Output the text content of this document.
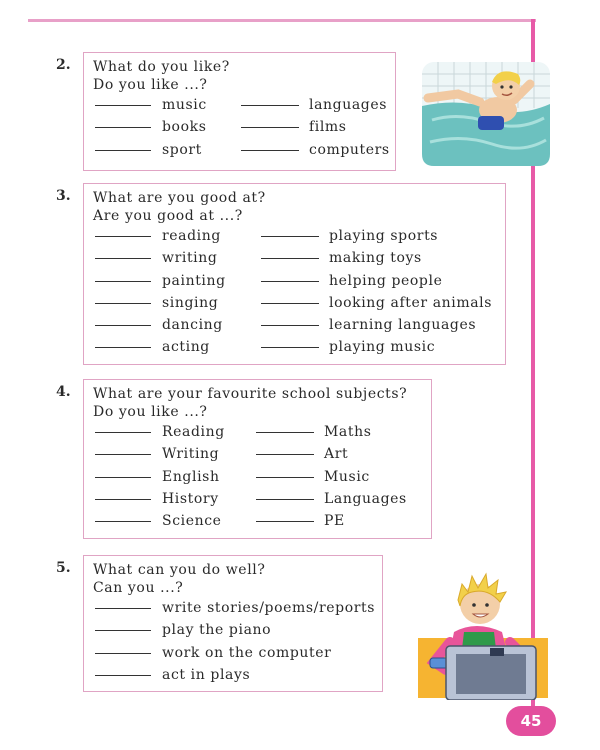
2. What do you like?
Do you like ...?
music	languages
books	films
sport	computers
3. What are you good at?
Are you good at ...?
reading	playing sports
writing	making toys
painting	helping people
singing	looking after animals
dancing	learning languages
acting	playing music
4. What are your favourite school subjects?
Do you like ...?
Reading	Maths
Writing	Art
English	Music
History	Languages
Science	PE
5. What can you do well?
Can you ...?
write stories/poems/reports
play the piano
work on the computer
act in plays
45
